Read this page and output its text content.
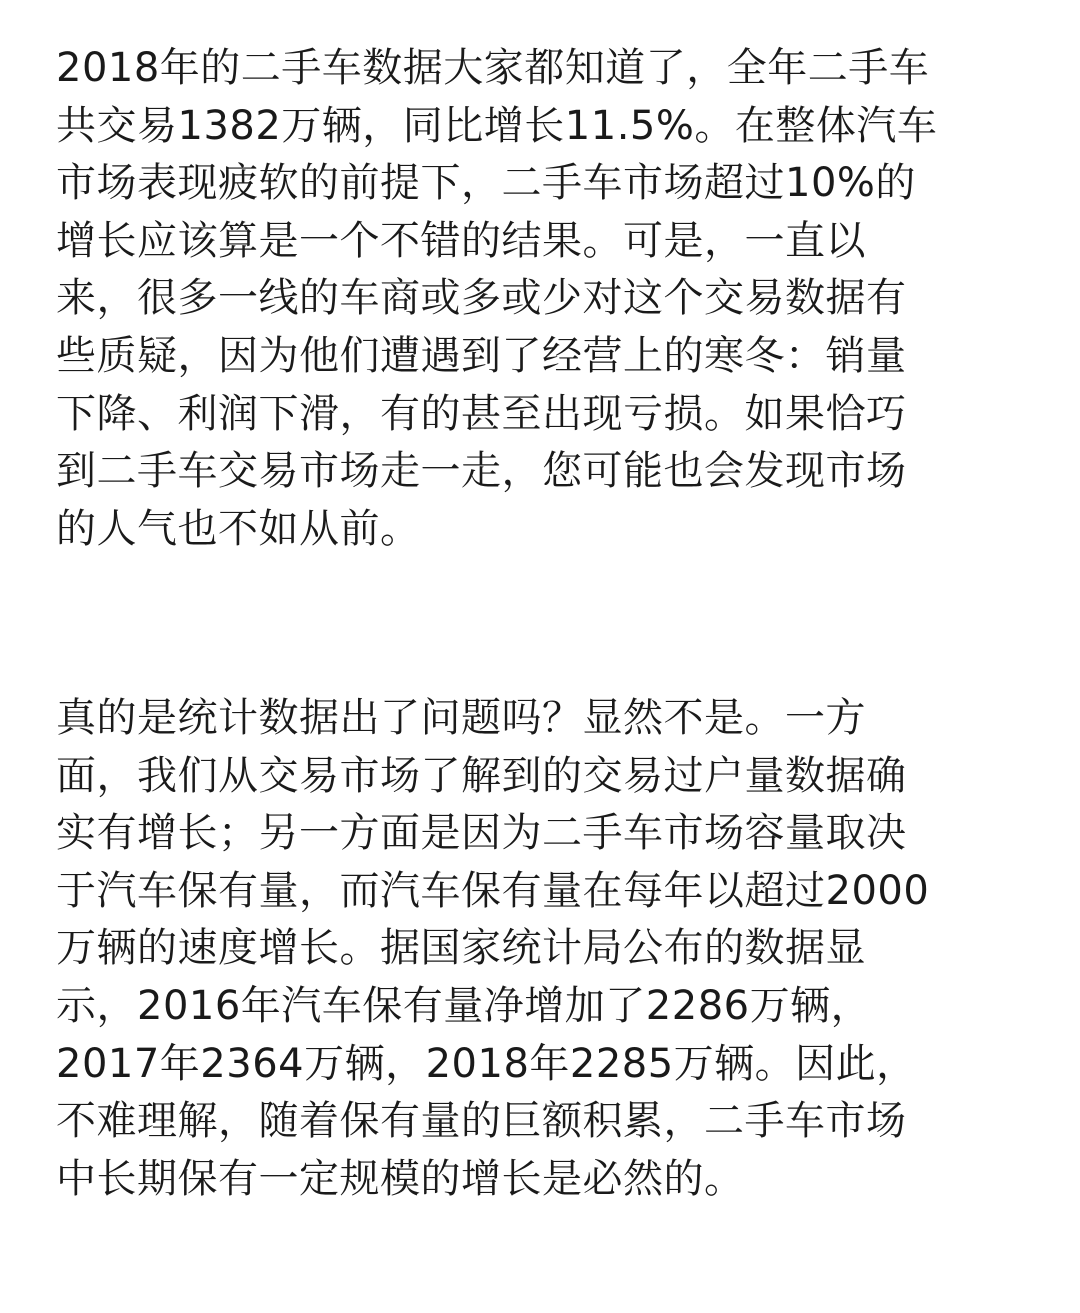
2018年的二手车数据大家都知道了，全年二手车
共交易1382万辆，同比增长11.5%。在整体汽车
市场表现疲软的前提下，二手车市场超过10%的
增长应该算是一个不错的结果。可是，一直以
来，很多一线的车商或多或少对这个交易数据有
些质疑，因为他们遭遇到了经营上的寒冬：销量
下降、利润下滑，有的甚至出现亏损。如果恰巧
到二手车交易市场走一走，您可能也会发现市场
的人气也不如从前。

真的是统计数据出了问题吗？显然不是。一方
面，我们从交易市场了解到的交易过户量数据确
实有增长；另一方面是因为二手车市场容量取决
于汽车保有量，而汽车保有量在每年以超过2000
万辆的速度增长。据国家统计局公布的数据显
示，2016年汽车保有量净增加了2286万辆，
2017年2364万辆，2018年2285万辆。因此，
不难理解，随着保有量的巨额积累，二手车市场
中长期保有一定规模的增长是必然的。
